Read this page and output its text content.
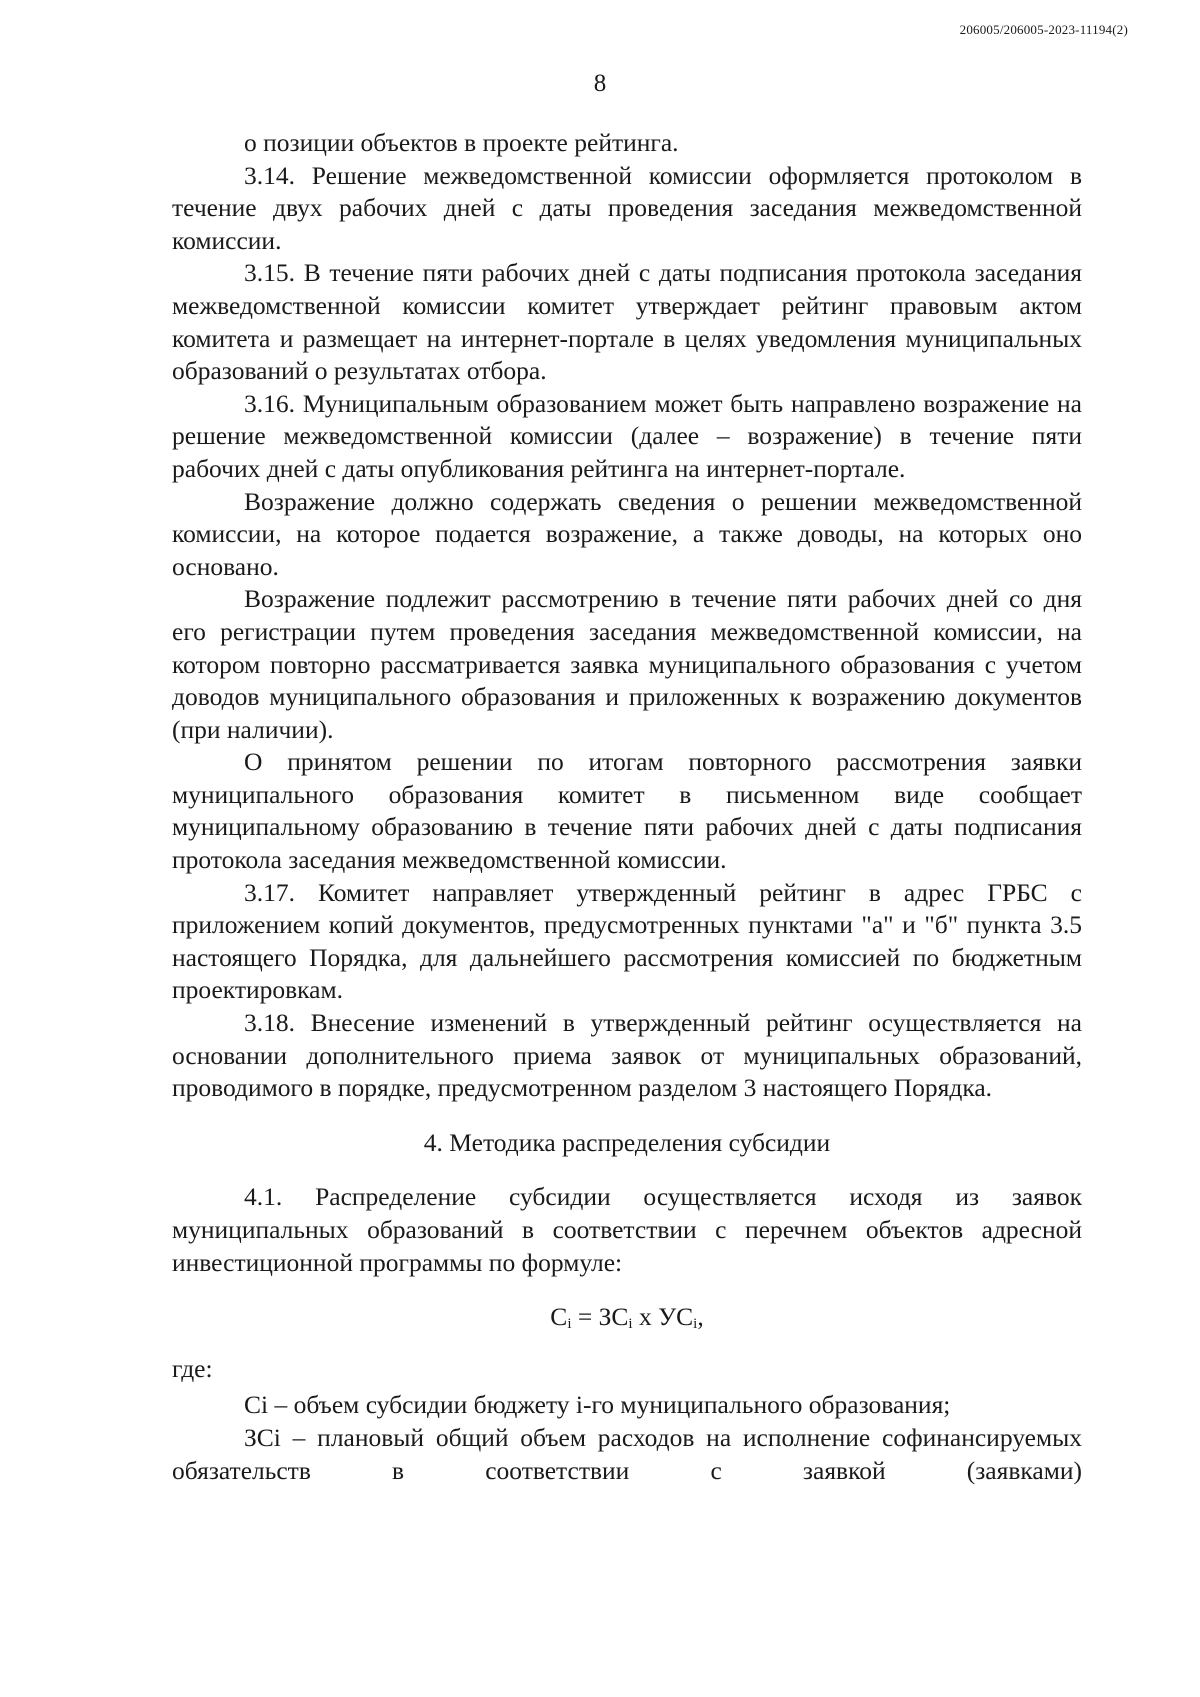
206005/206005-2023-11194(2)
8

о позиции объектов в проекте рейтинга.

3.14. Решение межведомственной комиссии оформляется протоколом в течение двух рабочих дней с даты проведения заседания межведомственной комиссии.

3.15. В течение пяти рабочих дней с даты подписания протокола заседания межведомственной комиссии комитет утверждает рейтинг правовым актом комитета и размещает на интернет-портале в целях уведомления муниципальных образований о результатах отбора.

3.16. Муниципальным образованием может быть направлено возражение на решение межведомственной комиссии (далее – возражение) в течение пяти рабочих дней с даты опубликования рейтинга на интернет-портале.

Возражение должно содержать сведения о решении межведомственной комиссии, на которое подается возражение, а также доводы, на которых оно основано.

Возражение подлежит рассмотрению в течение пяти рабочих дней со дня его регистрации путем проведения заседания межведомственной комиссии, на котором повторно рассматривается заявка муниципального образования с учетом доводов муниципального образования и приложенных к возражению документов (при наличии).

О принятом решении по итогам повторного рассмотрения заявки муниципального образования комитет в письменном виде сообщает муниципальному образованию в течение пяти рабочих дней с даты подписания протокола заседания межведомственной комиссии.

3.17. Комитет направляет утвержденный рейтинг в адрес ГРБС с приложением копий документов, предусмотренных пунктами "а" и "б" пункта 3.5 настоящего Порядка, для дальнейшего рассмотрения комиссией по бюджетным проектировкам.

3.18. Внесение изменений в утвержденный рейтинг осуществляется на основании дополнительного приема заявок от муниципальных образований, проводимого в порядке, предусмотренном разделом 3 настоящего Порядка.

4. Методика распределения субсидии

4.1. Распределение субсидии осуществляется исходя из заявок муниципальных образований в соответствии с перечнем объектов адресной инвестиционной программы по формуле:

$C_i = ЗC_i$ x $УC_i$,

где:

Ci – объем субсидии бюджету i-го муниципального образования;

ЗCi – плановый общий объем расходов на исполнение софинансируемых обязательств в соответствии с заявкой (заявками)
